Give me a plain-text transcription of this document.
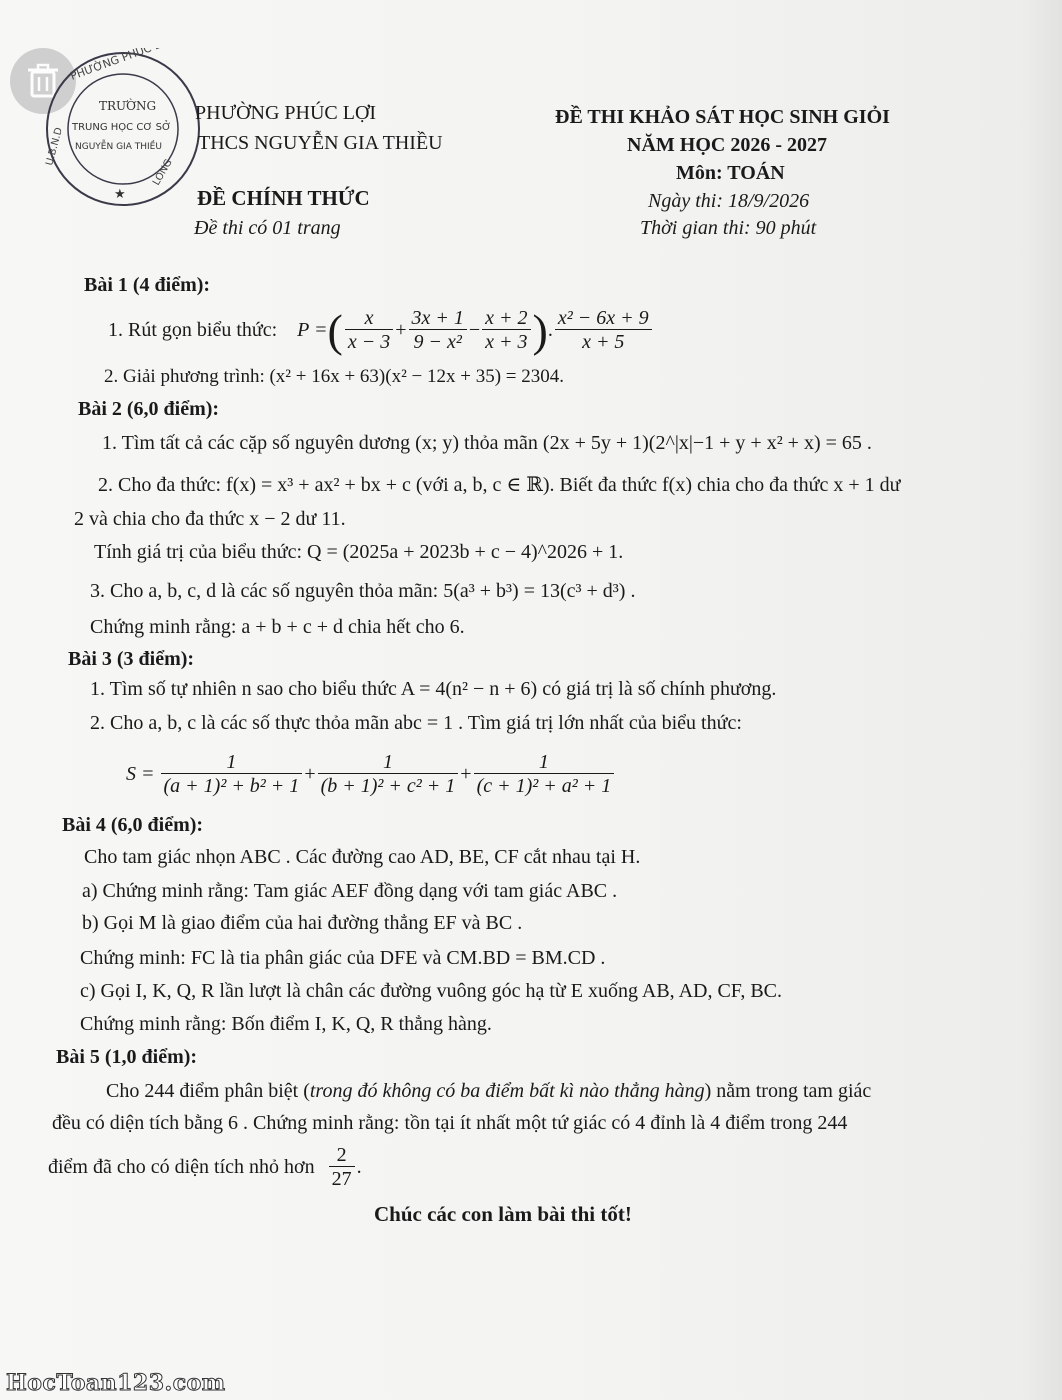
PHƯỜNG PHÚC LỢI
U.B.N.D
TRƯỜNG
TRUNG HỌC CƠ SỞ
NGUYỄN GIA THIỀU
LONG
★
PHƯỜNG PHÚC LỢI
THCS NGUYỄN GIA THIỀU
ĐỀ CHÍNH THỨC
Đề thi có 01 trang
ĐỀ THI KHẢO SÁT HỌC SINH GIỎI
NĂM HỌC 2026 - 2027
Môn: TOÁN
Ngày thi: 18/9/2026
Thời gian thi: 90 phút
Bài 1 (4 điểm):
1. Rút gọn biểu thức: P = ( $\frac{x}{x - 3} + \frac{3x + 1}{\text{9 − x²}} - \frac{x + 2}{x + 3}$ ) . $\frac{\text{x² − 6x + 9}}{x + 5}$
2. Giải phương trình: (x² + 16x + 63)(x² − 12x + 35) = 2304.
Bài 2 (6,0 điểm):
1. Tìm tất cả các cặp số nguyên dương (x; y) thỏa mãn (2x + 5y + 1)(2^|x|−1 + y + x² + x) = 65 .
2. Cho đa thức: f(x) = x³ + ax² + bx + c (với a, b, c ∈ ℝ). Biết đa thức f(x) chia cho đa thức x + 1 dư
2 và chia cho đa thức x − 2 dư 11.
Tính giá trị của biểu thức: Q = (2025a + 2023b + c − 4)^2026 + 1.
3. Cho a, b, c, d là các số nguyên thỏa mãn: 5(a³ + b³) = 13(c³ + d³) .
Chứng minh rằng: a + b + c + d chia hết cho 6.
Bài 3 (3 điểm):
1. Tìm số tự nhiên n sao cho biểu thức A = 4(n² − n + 6) có giá trị là số chính phương.
2. Cho a, b, c là các số thực thỏa mãn abc = 1 . Tìm giá trị lớn nhất của biểu thức:
$S = \frac{1}{\text{(a + 1)² + b² + 1}} + \frac{1}{\text{(b + 1)² + c² + 1}} + \frac{1}{\text{(c + 1)² + a² + 1}}$
Bài 4 (6,0 điểm):
Cho tam giác nhọn ABC . Các đường cao AD, BE, CF cắt nhau tại H.
a) Chứng minh rằng: Tam giác AEF đồng dạng với tam giác ABC .
b) Gọi M là giao điểm của hai đường thẳng EF và BC .
Chứng minh: FC là tia phân giác của DFE và CM.BD = BM.CD .
c) Gọi I, K, Q, R lần lượt là chân các đường vuông góc hạ từ E xuống AB, AD, CF, BC.
Chứng minh rằng: Bốn điểm I, K, Q, R thẳng hàng.
Bài 5 (1,0 điểm):
Cho 244 điểm phân biệt (trong đó không có ba điểm bất kì nào thẳng hàng) nằm trong tam giác
đều có diện tích bằng 6 . Chứng minh rằng: tồn tại ít nhất một tứ giác có 4 đỉnh là 4 điểm trong 244
điểm đã cho có diện tích nhỏ hơn $\frac{2}{27}$ .
Chúc các con làm bài thi tốt!
HocToan123.com
